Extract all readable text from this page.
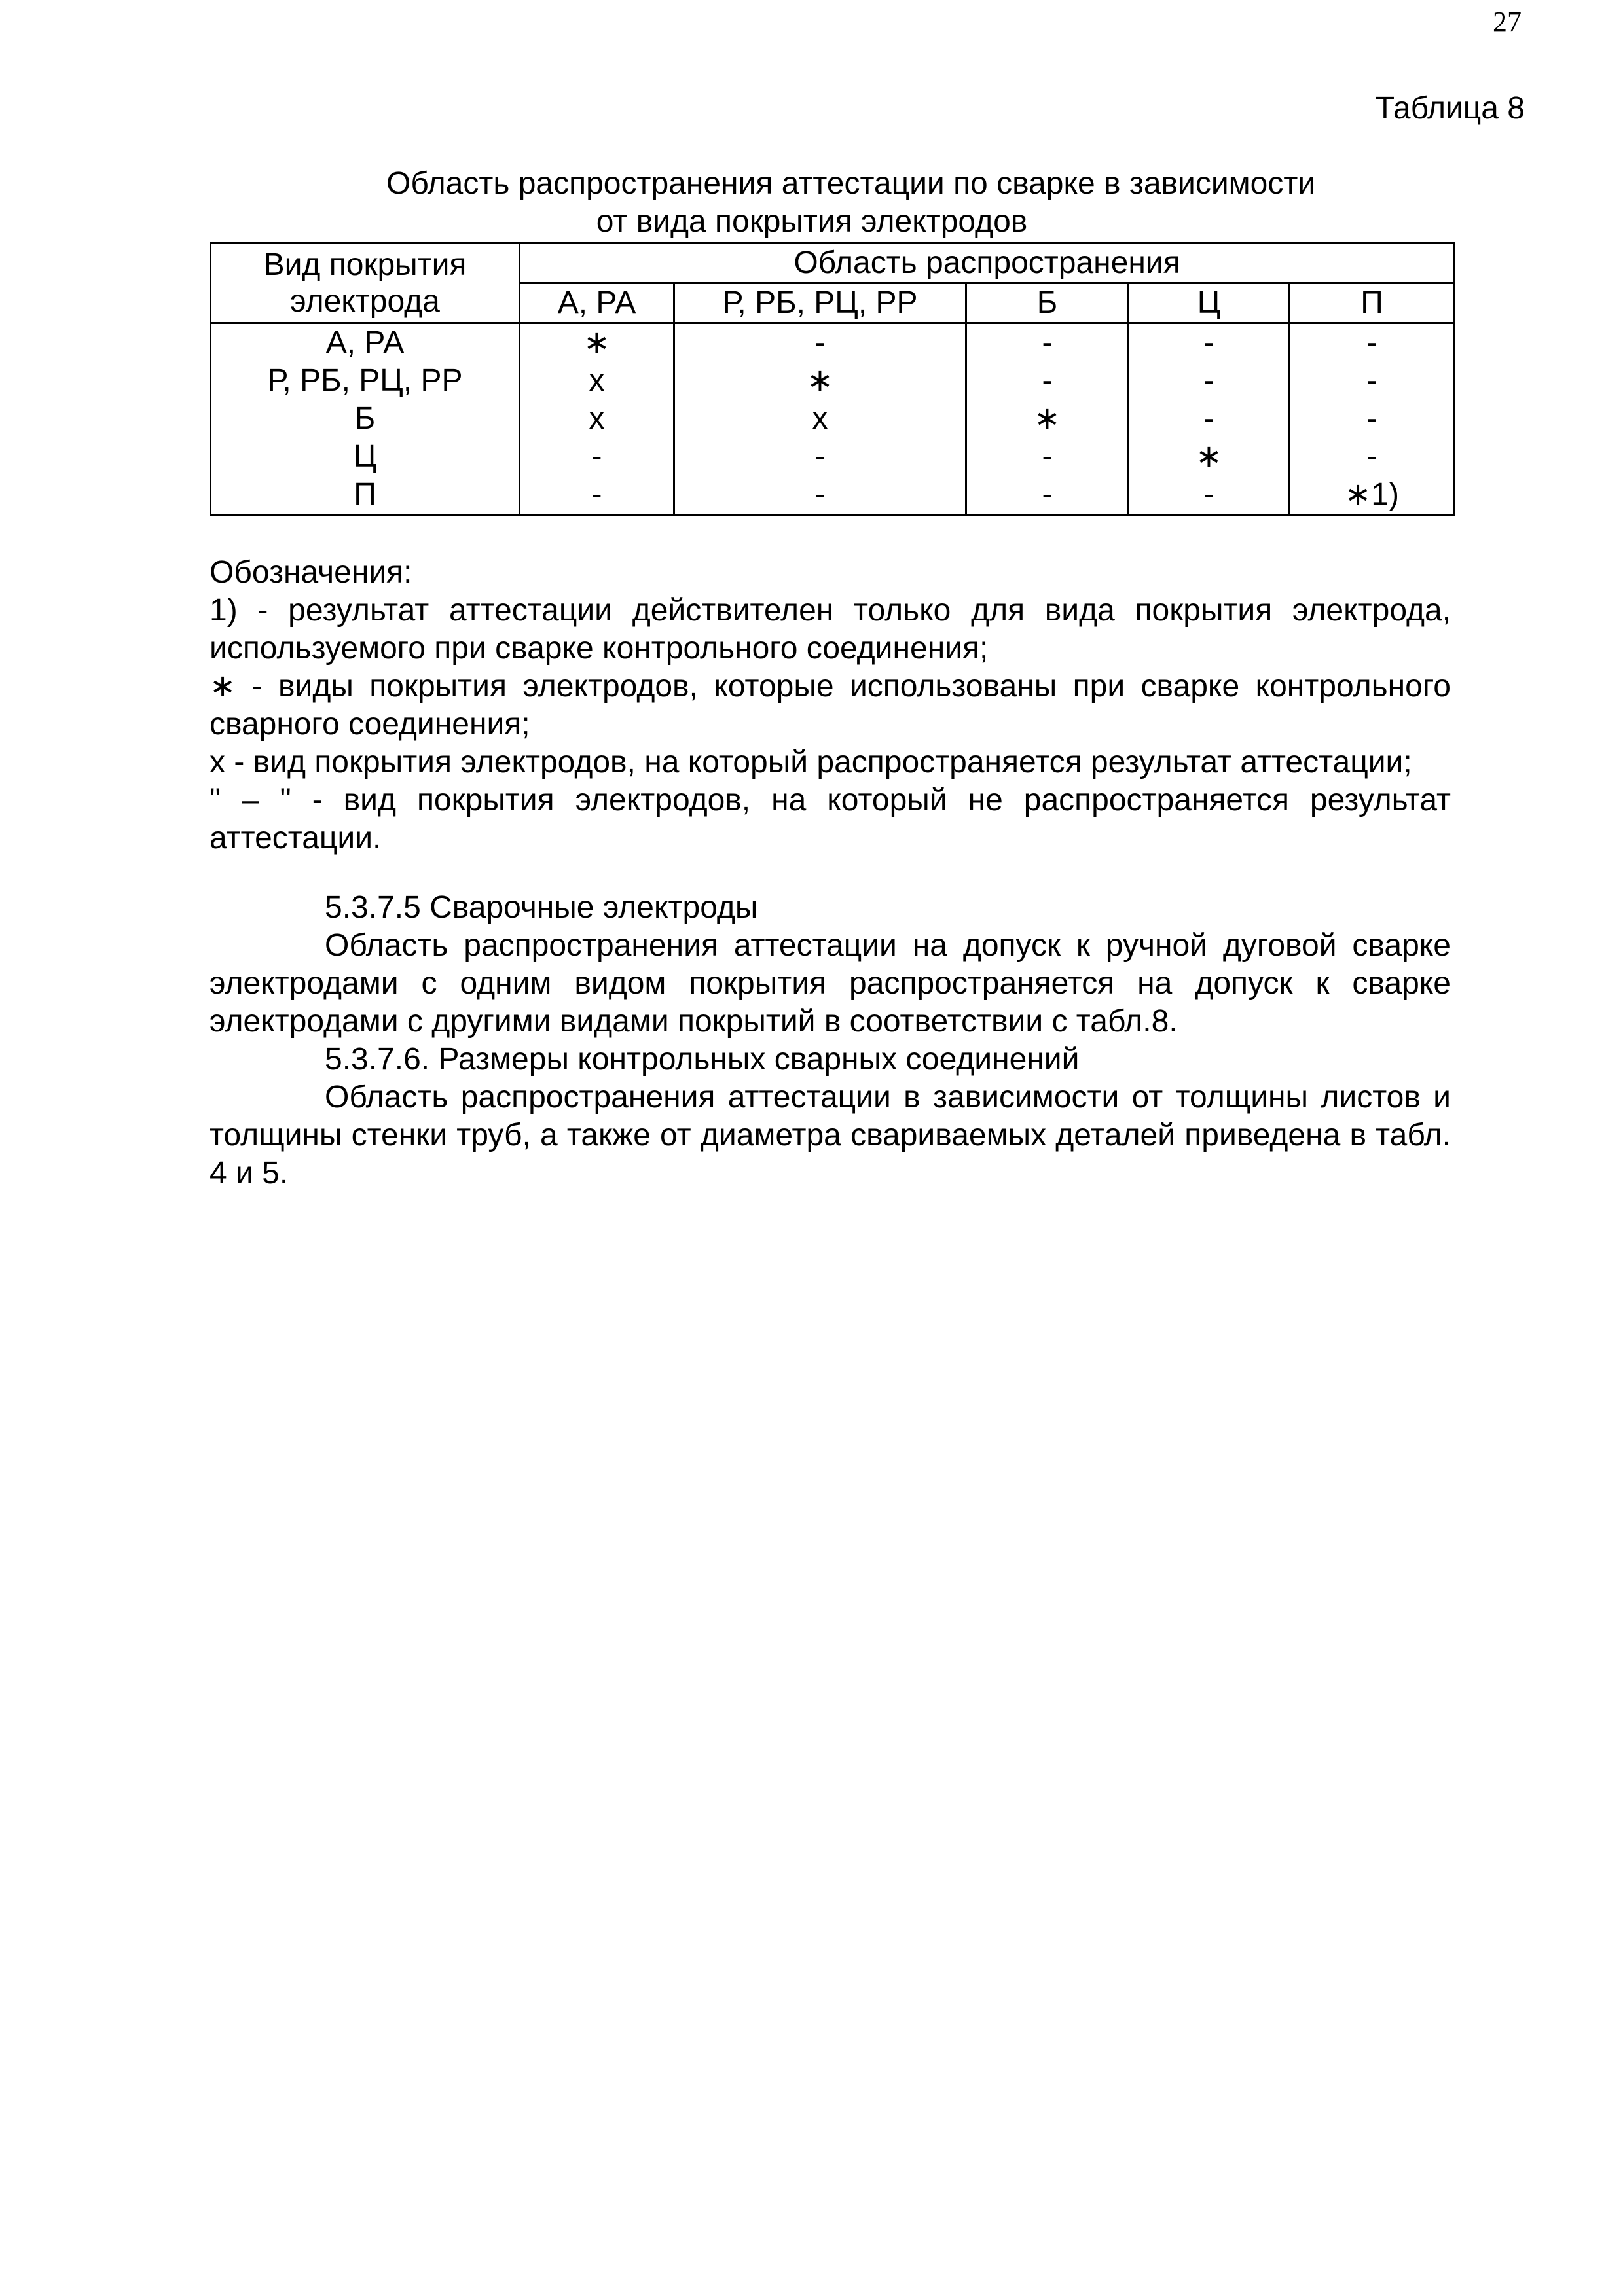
27
Таблица 8
Область распространения аттестации по сварке в зависимости
от вида покрытия электродов
Вид покрытия электрода	Область распространения				
	А, РА	Р, РБ, РЦ, РР	Б	Ц	П
А, РА	∗	-	-	-	-
Р, РБ, РЦ, РР	х	∗	-	-	-
Б	х	х	∗	-	-
Ц	-	-	-	∗	-
П	-	-	-	-	∗1)

Обозначения:

1) - результат аттестации действителен только для вида покрытия электрода, используемого при сварке контрольного соединения;

∗ - виды покрытия электродов, которые использованы при сварке контрольного сварного соединения;

х - вид покрытия электродов, на который распространяется результат аттестации;

" – " - вид покрытия электродов, на который не распространяется результат аттестации.

5.3.7.5 Сварочные электроды

Область распространения аттестации на допуск к ручной дуговой сварке электродами с одним видом покрытия распространяется на допуск к сварке электродами с другими видами покрытий в соответствии с табл.8.

5.3.7.6. Размеры контрольных сварных соединений

Область распространения аттестации в зависимости от толщины листов и толщины стенки труб, а также от диаметра свариваемых деталей приведена в табл. 4 и 5.
